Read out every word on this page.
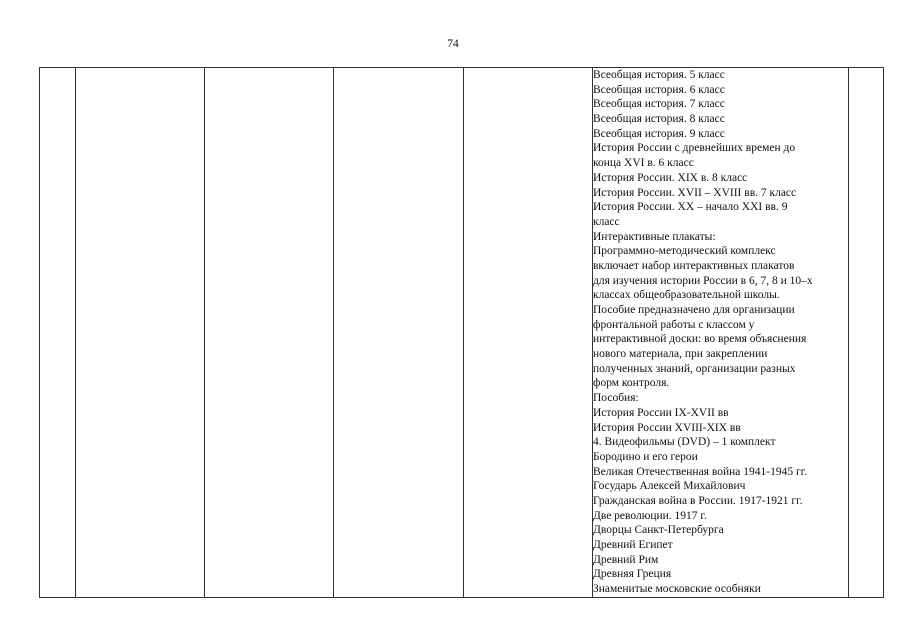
74

Всеобщая история. 5 класс
Всеобщая история. 6 класс
Всеобщая история. 7 класс
Всеобщая история. 8 класс
Всеобщая история. 9 класс
История России с древнейших времен до
конца XVI в. 6 класс
История России. XIX в. 8 класс
История России. XVII – XVIII вв. 7 класс
История России. XX – начало XXI вв. 9
класс
Интерактивные плакаты:
Программно-методический комплекс
включает набор интерактивных плакатов
для изучения истории России в 6, 7, 8 и 10–х
классах общеобразовательной школы.
Пособие предназначено для организации
фронтальной работы с классом у
интерактивной доски: во время объяснения
нового материала, при закреплении
полученных знаний, организации разных
форм контроля.
Пособия:
История России IX-XVII вв
История России XVIII-XIX вв
4. Видеофильмы (DVD) – 1 комплект
Бородино и его герои
Великая Отечественная война 1941-1945 гг.
Государь Алексей Михайлович
Гражданская война в России. 1917-1921 гг.
Две революции. 1917 г.
Дворцы Санкт-Петербурга
Древний Египет
Древний Рим
Древняя Греция
Знаменитые московские особняки
